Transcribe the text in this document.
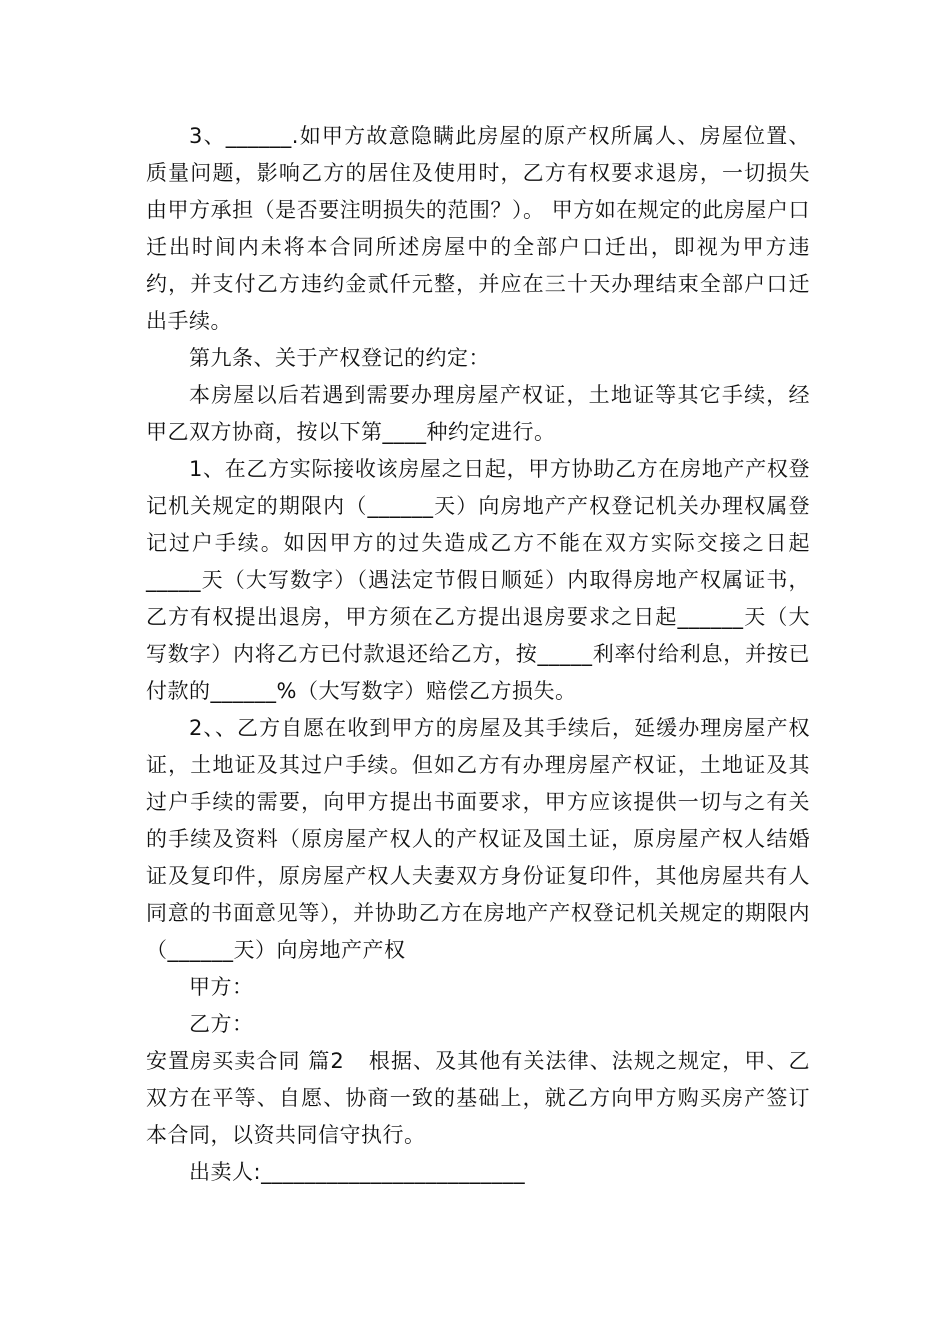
3、______.如甲方故意隐瞒此房屋的原产权所属人、房屋位置、质量问题，影响乙方的居住及使用时，乙方有权要求退房，一切损失由甲方承担（是否要注明损失的范围？）。 甲方如在规定的此房屋户口迁出时间内未将本合同所述房屋中的全部户口迁出，即视为甲方违约，并支付乙方违约金贰仟元整，并应在三十天办理结束全部户口迁出手续。

第九条、关于产权登记的约定：

本房屋以后若遇到需要办理房屋产权证，土地证等其它手续，经甲乙双方协商，按以下第____种约定进行。

1、在乙方实际接收该房屋之日起，甲方协助乙方在房地产产权登记机关规定的期限内（______天）向房地产产权登记机关办理权属登记过户手续。如因甲方的过失造成乙方不能在双方实际交接之日起_____天（大写数字）（遇法定节假日顺延）内取得房地产权属证书，乙方有权提出退房，甲方须在乙方提出退房要求之日起______天（大写数字）内将乙方已付款退还给乙方，按_____利率付给利息，并按已付款的______%（大写数字）赔偿乙方损失。

2、、乙方自愿在收到甲方的房屋及其手续后，延缓办理房屋产权证，土地证及其过户手续。但如乙方有办理房屋产权证，土地证及其过户手续的需要，向甲方提出书面要求，甲方应该提供一切与之有关的手续及资料（原房屋产权人的产权证及国土证，原房屋产权人结婚证及复印件，原房屋产权人夫妻双方身份证复印件，其他房屋共有人同意的书面意见等），并协助乙方在房地产产权登记机关规定的期限内（______天）向房地产产权

甲方：

乙方：

安置房买卖合同 篇2 根据、及其他有关法律、法规之规定，甲、乙双方在平等、自愿、协商一致的基础上，就乙方向甲方购买房产签订本合同，以资共同信守执行。

出卖人:________________________
